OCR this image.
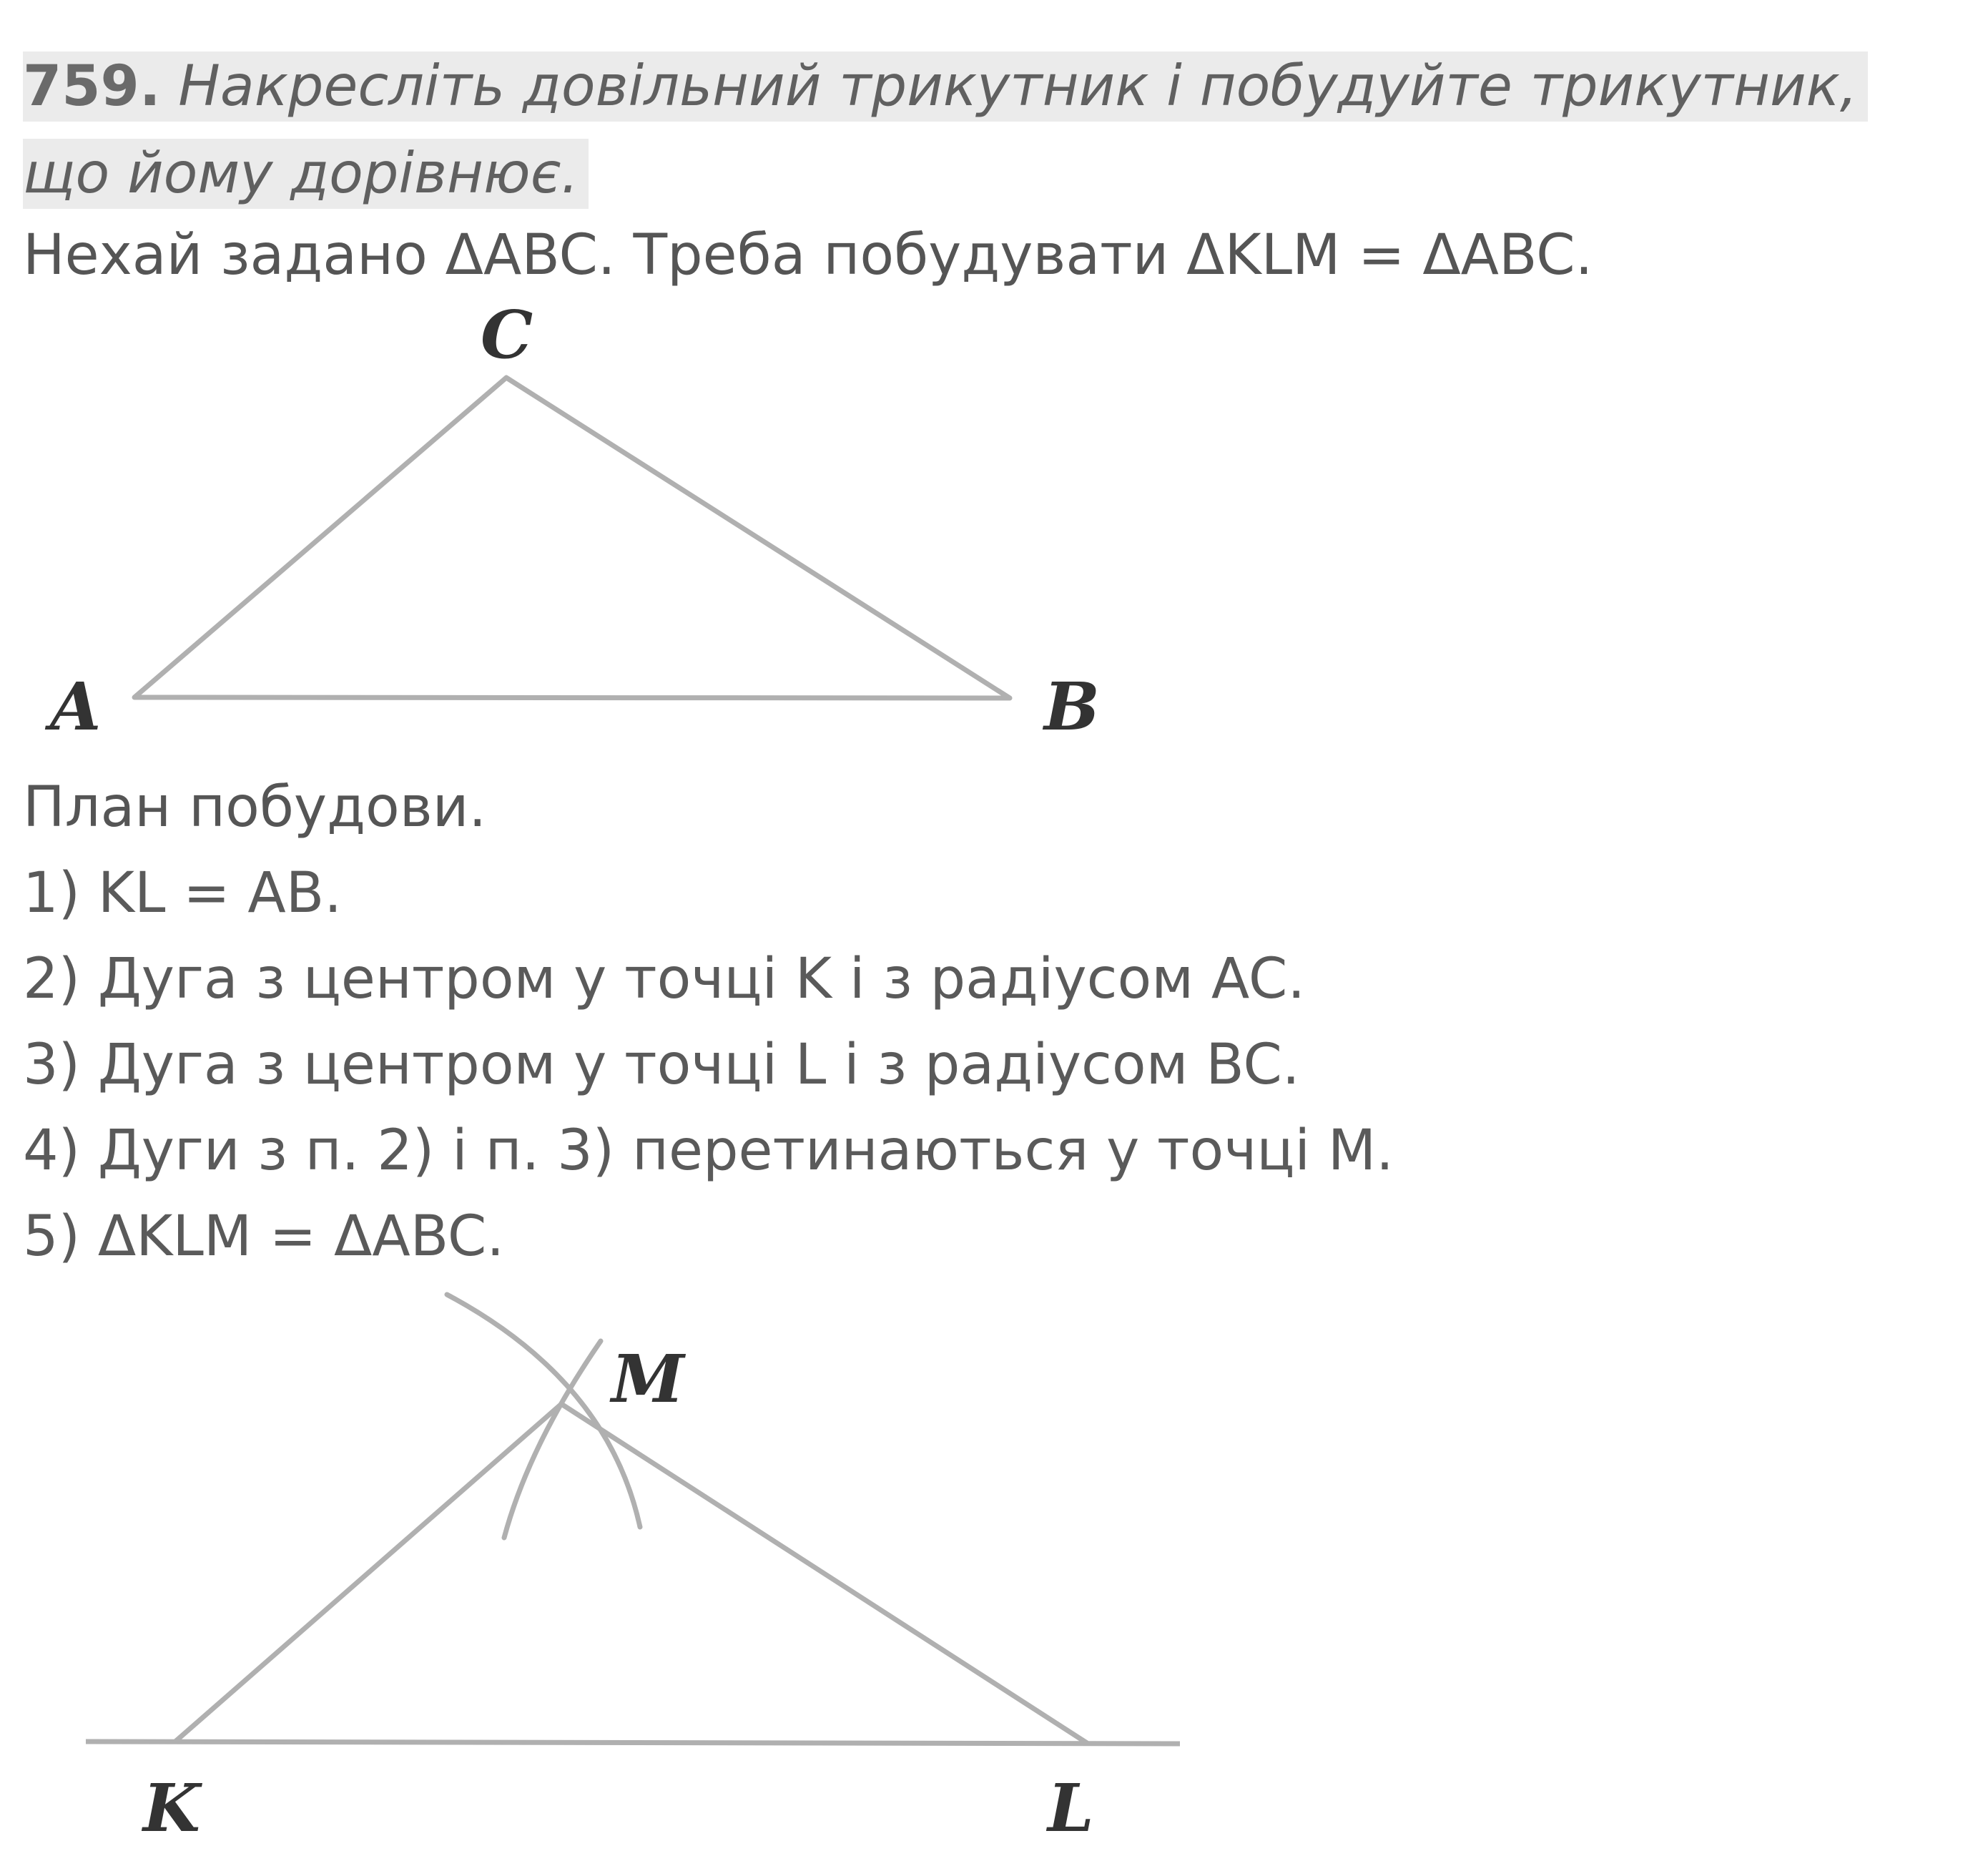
759. Накресліть довільний трикутник і побудуйте трикутник,
що йому дорівнює.
Нехай задано ΔABC. Треба побудувати ΔKLM = ΔABC.
C
A	B
План побудови.
1) KL = AB.
2) Дуга з центром у точці K і з радіусом AC.
3) Дуга з центром у точці L і з радіусом BC.
4) Дуги з п. 2) і п. 3) перетинаються у точці M.
5) ΔKLM = ΔABC.
M
K	L
